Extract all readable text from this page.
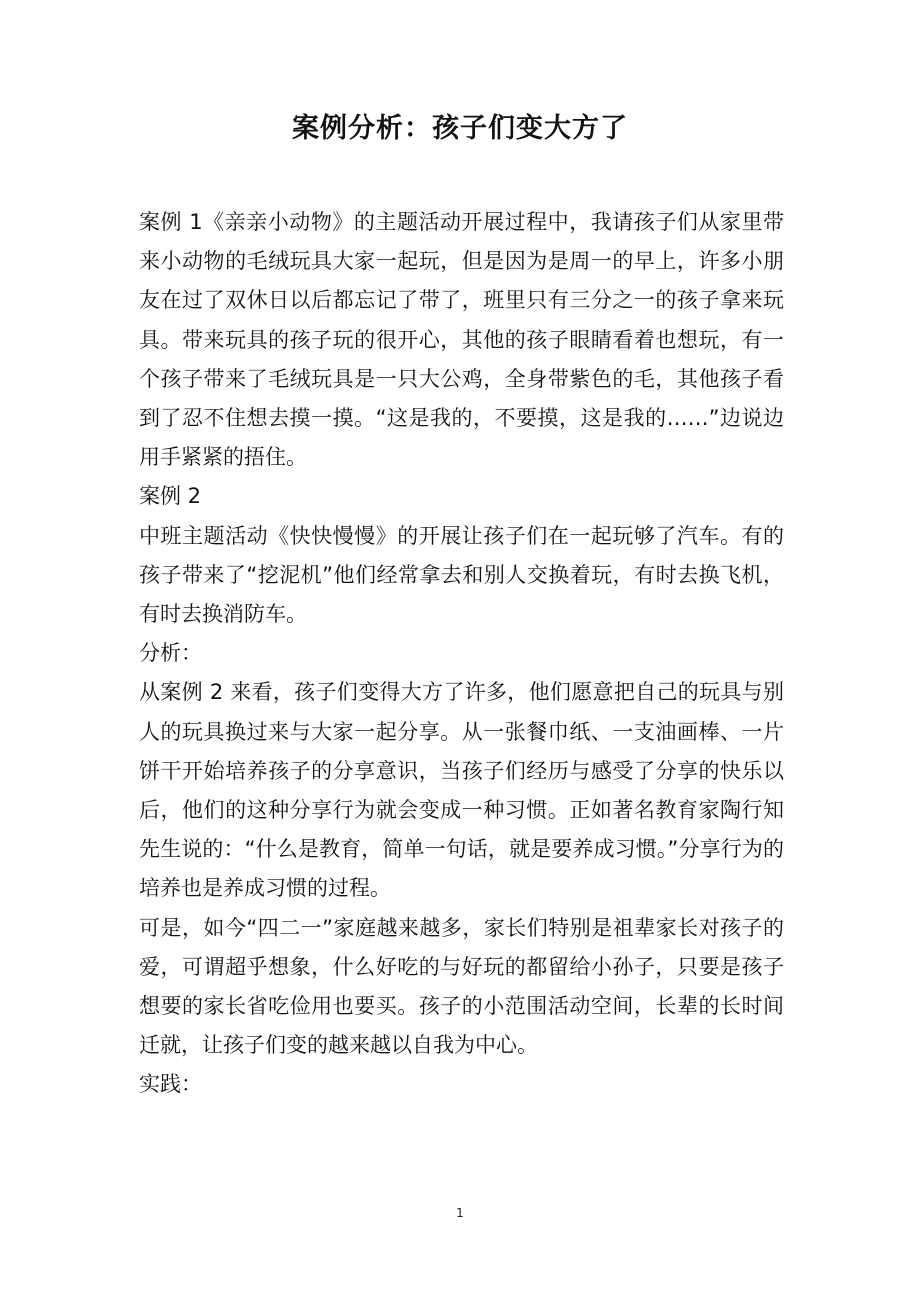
案例分析：孩子们变大方了

案例 1《亲亲小动物》的主题活动开展过程中，我请孩子们从家里带来小动物的毛绒玩具大家一起玩，但是因为是周一的早上，许多小朋友在过了双休日以后都忘记了带了，班里只有三分之一的孩子拿来玩具。带来玩具的孩子玩的很开心，其他的孩子眼睛看着也想玩，有一个孩子带来了毛绒玩具是一只大公鸡，全身带紫色的毛，其他孩子看到了忍不住想去摸一摸。“这是我的，不要摸，这是我的……”边说边用手紧紧的捂住。

案例 2

中班主题活动《快快慢慢》的开展让孩子们在一起玩够了汽车。有的孩子带来了“挖泥机”他们经常拿去和别人交换着玩，有时去换飞机，有时去换消防车。

分析：

从案例 2 来看，孩子们变得大方了许多，他们愿意把自己的玩具与别人的玩具换过来与大家一起分享。从一张餐巾纸、一支油画棒、一片饼干开始培养孩子的分享意识，当孩子们经历与感受了分享的快乐以后，他们的这种分享行为就会变成一种习惯。正如著名教育家陶行知先生说的：“什么是教育，简单一句话，就是要养成习惯。”分享行为的培养也是养成习惯的过程。

可是，如今“四二一”家庭越来越多，家长们特别是祖辈家长对孩子的爱，可谓超乎想象，什么好吃的与好玩的都留给小孙子，只要是孩子想要的家长省吃俭用也要买。孩子的小范围活动空间，长辈的长时间迁就，让孩子们变的越来越以自我为中心。

实践：

1
